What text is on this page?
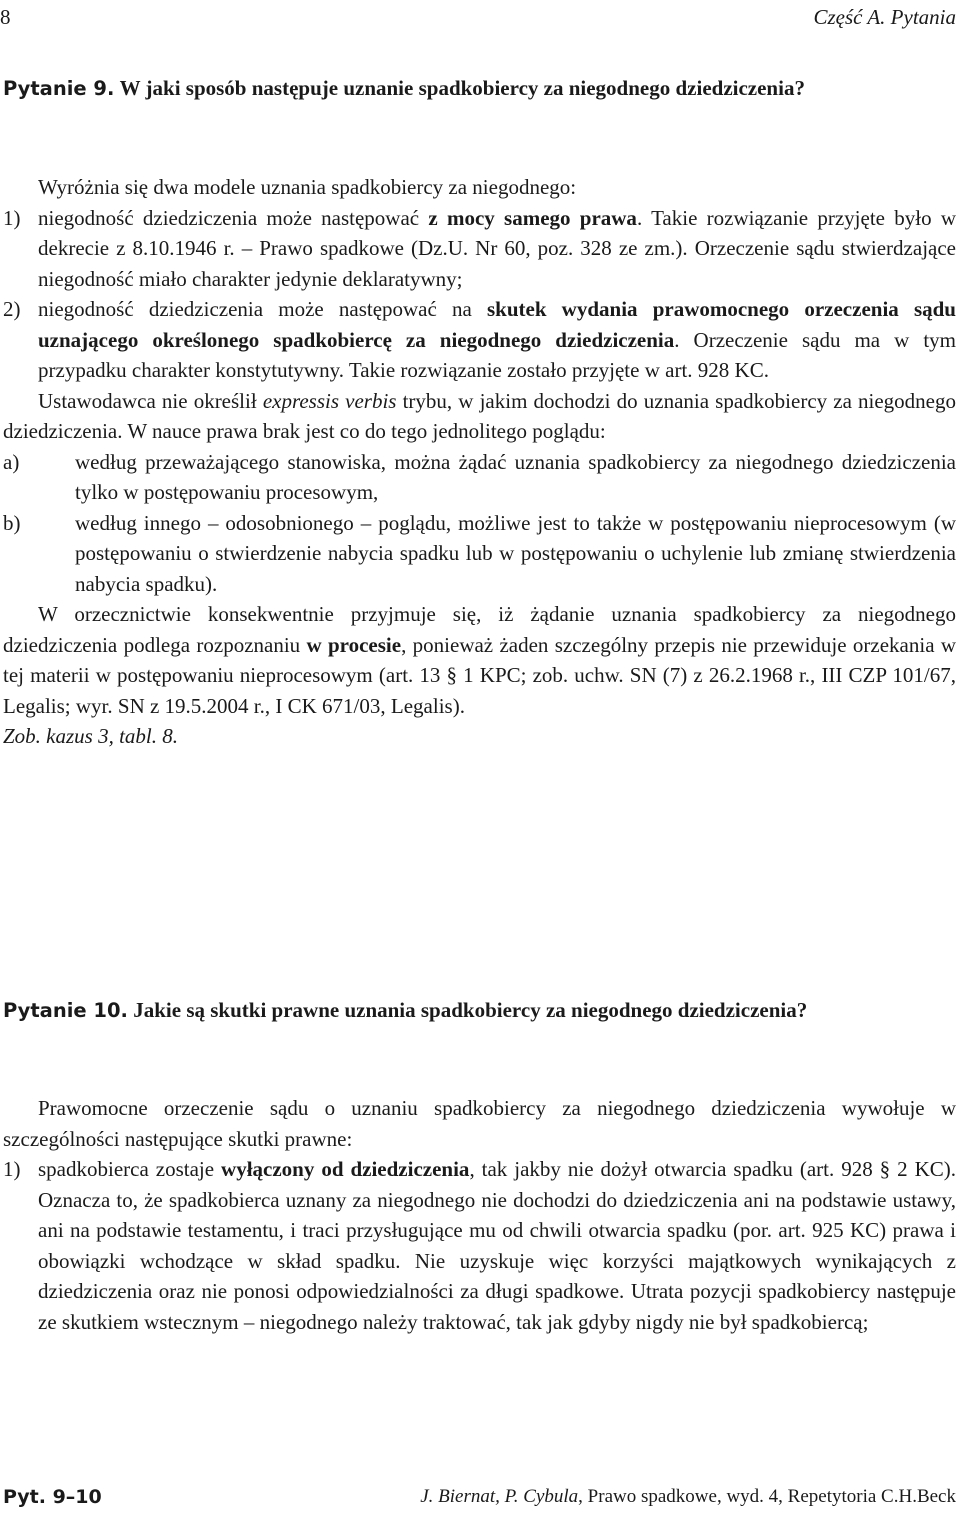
8	Część A. Pytania
Pytanie 9. W jaki sposób następuje uznanie spadkobiercy za niegodnego dziedziczenia?

Wyróżnia się dwa modele uznania spadkobiercy za niegodnego:

1) niegodność dziedziczenia może następować z mocy samego prawa. Takie rozwiązanie przyjęte było w dekrecie z 8.10.1946 r. – Prawo spadkowe (Dz.U. Nr 60, poz. 328 ze zm.). Orzeczenie sądu stwierdzające niegodność miało charakter jedynie deklaratywny;
2) niegodność dziedziczenia może następować na skutek wydania prawomocnego orzeczenia sądu uznającego określonego spadkobiercę za niegodnego dziedziczenia. Orzeczenie sądu ma w tym przypadku charakter konstytutywny. Takie rozwiązanie zostało przyjęte w art. 928 KC.

Ustawodawca nie określił expressis verbis trybu, w jakim dochodzi do uznania spadkobiercy za niegodnego dziedziczenia. W nauce prawa brak jest co do tego jednolitego poglądu:

a)	według przeważającego stanowiska, można żądać uznania spadkobiercy za niegodnego dziedziczenia tylko w postępowaniu procesowym,
b)	według innego – odosobnionego – poglądu, możliwe jest to także w postępowaniu nieprocesowym (w postępowaniu o stwierdzenie nabycia spadku lub w postępowaniu o uchylenie lub zmianę stwierdzenia nabycia spadku).

W orzecznictwie konsekwentnie przyjmuje się, iż żądanie uznania spadkobiercy za niegodnego dziedziczenia podlega rozpoznaniu w procesie, ponieważ żaden szczególny przepis nie przewiduje orzekania w tej materii w postępowaniu nieprocesowym (art. 13 § 1 KPC; zob. uchw. SN (7) z 26.2.1968 r., III CZP 101/67, Legalis; wyr. SN z 19.5.2004 r., I CK 671/03, Legalis).

Zob. kazus 3, tabl. 8.

Pytanie 10. Jakie są skutki prawne uznania spadkobiercy za niegodnego dziedziczenia?

Prawomocne orzeczenie sądu o uznaniu spadkobiercy za niegodnego dziedziczenia wywołuje w szczególności następujące skutki prawne:

1) spadkobierca zostaje wyłączony od dziedziczenia, tak jakby nie dożył otwarcia spadku (art. 928 § 2 KC). Oznacza to, że spadkobierca uznany za niegodnego nie dochodzi do dziedziczenia ani na podstawie ustawy, ani na podstawie testamentu, i traci przysługujące mu od chwili otwarcia spadku (por. art. 925 KC) prawa i obowiązki wchodzące w skład spadku. Nie uzyskuje więc korzyści majątkowych wynikających z dziedziczenia oraz nie ponosi odpowiedzialności za długi spadkowe. Utrata pozycji spadkobiercy następuje ze skutkiem wstecznym – niegodnego należy traktować, tak jak gdyby nigdy nie był spadkobiercą;
Pyt. 9–10	J. Biernat, P. Cybula, Prawo spadkowe, wyd. 4, Repetytoria C.H.Beck
